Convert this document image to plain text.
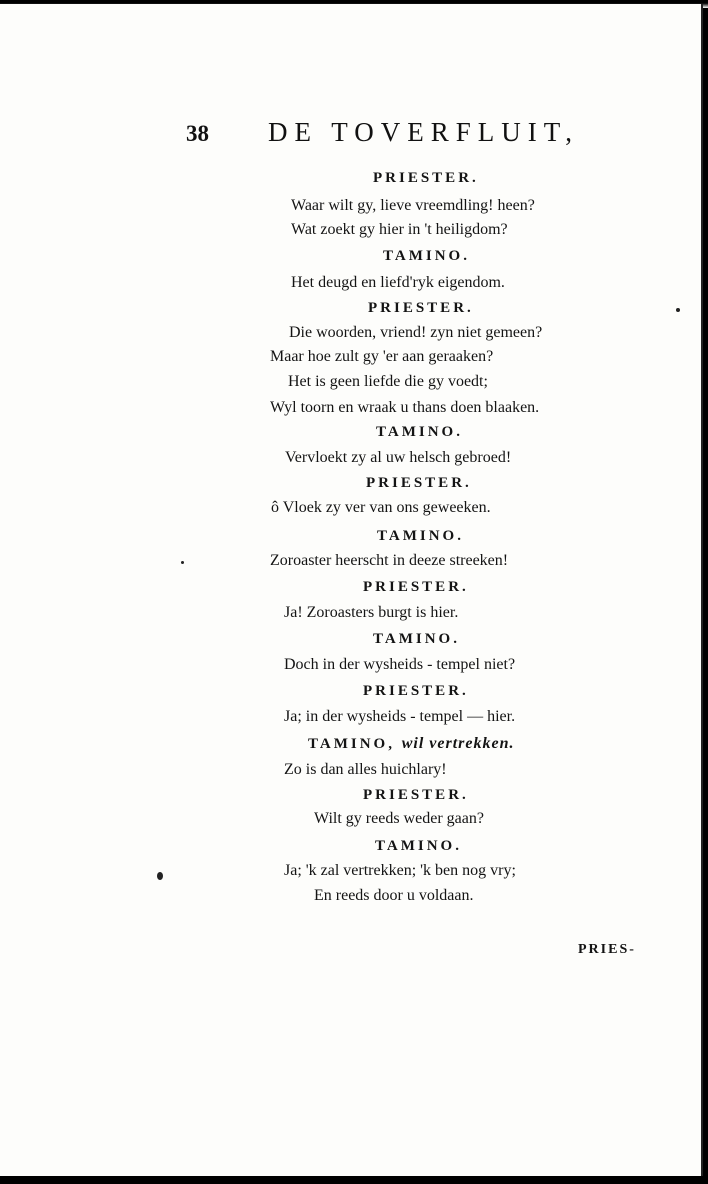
38 DE TOVERFLUIT,
PRIESTER.
Waar wilt gy, lieve vreemdling! heen?
Wat zoekt gy hier in 't heiligdom?
TAMINO.
Het deugd en liefd'ryk eigendom.
PRIESTER.
Die woorden, vriend! zyn niet gemeen?
Maar hoe zult gy 'er aan geraaken?
Het is geen liefde die gy voedt;
Wyl toorn en wraak u thans doen blaaken.
TAMINO.
Vervloekt zy al uw helsch gebroed!
PRIESTER.
ô Vloek zy ver van ons geweeken.
TAMINO.
Zoroaster heerscht in deeze streeken!
PRIESTER.
Ja! Zoroasters burgt is hier.
TAMINO.
Doch in der wysheids - tempel niet?
PRIESTER.
Ja; in der wysheids - tempel — hier.
TAMINO, wil vertrekken.
Zo is dan alles huichlary!
PRIESTER.
Wilt gy reeds weder gaan?
TAMINO.
Ja; 'k zal vertrekken; 'k ben nog vry;
En reeds door u voldaan.
PRIES-
